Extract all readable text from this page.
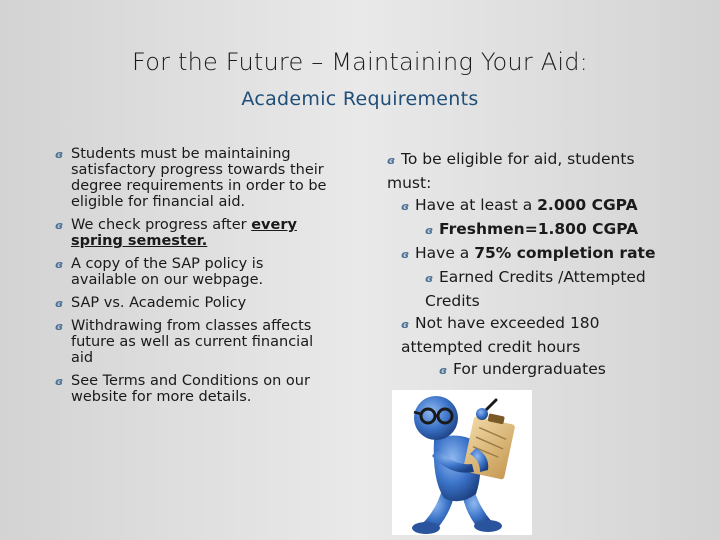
For the Future – Maintaining Your Aid:
Academic Requirements
ɞ Students must be maintaining satisfactory progress towards their degree requirements in order to be eligible for financial aid.
ɞ We check progress after every spring semester.
ɞ A copy of the SAP policy is available on our webpage.
ɞ SAP vs. Academic Policy
ɞ Withdrawing from classes affects future as well as current financial aid
ɞ See Terms and Conditions on our website for more details.
ɞ To be eligible for aid, students must:
ɞ Have at least a 2.000 CGPA
ɞ Freshmen=1.800 CGPA
ɞ Have a 75% completion rate
ɞ Earned Credits /Attempted Credits
ɞ Not have exceeded 180 attempted credit hours
ɞ For undergraduates
